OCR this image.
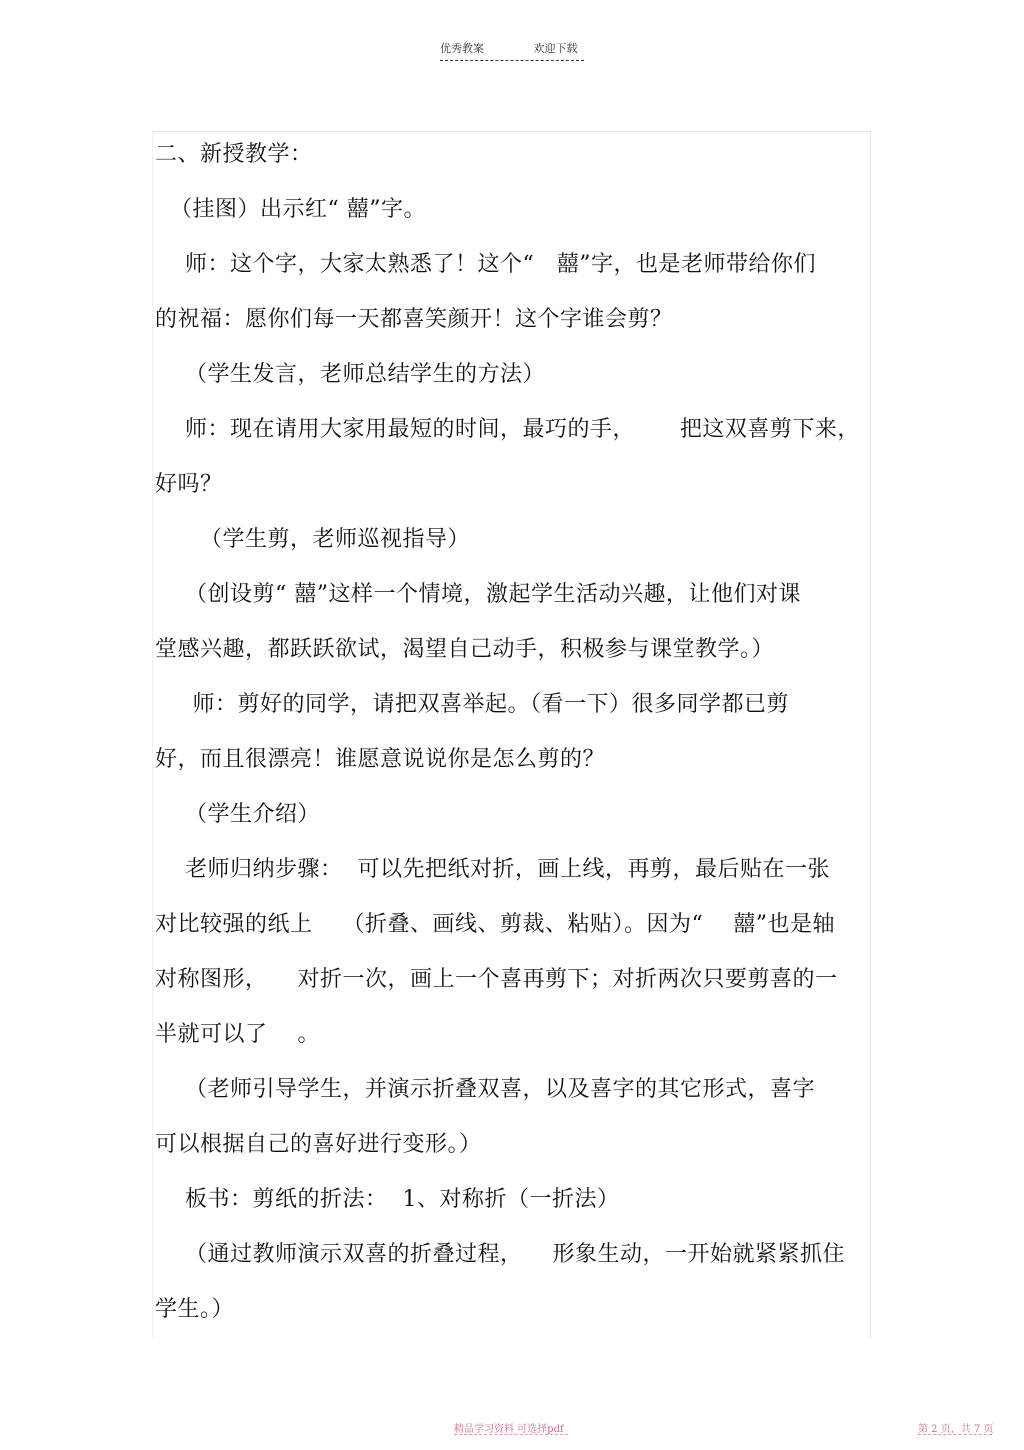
优秀教案	欢迎下载
二、新授教学：
（挂图）出示红“ 囍”字。
师：这个字，大家太熟悉了！这个“   囍”字，也是老师带给你们
的祝福：愿你们每一天都喜笑颜开！这个字谁会剪？
（学生发言，老师总结学生的方法）
师：现在请用大家用最短的时间，最巧的手，      把这双喜剪下来，
好吗？
（学生剪，老师巡视指导）
（创设剪“ 囍”这样一个情境，激起学生活动兴趣，让他们对课
堂感兴趣，都跃跃欲试，渴望自己动手，积极参与课堂教学。）
师：剪好的同学，请把双喜举起。（看一下）很多同学都已剪
好，而且很漂亮！谁愿意说说你是怎么剪的？
（学生介绍）
老师归纳步骤：  可以先把纸对折，画上线，再剪，最后贴在一张
对比较强的纸上    （折叠、画线、剪裁、粘贴）。因为“    囍”也是轴
对称图形，    对折一次，画上一个喜再剪下；对折两次只要剪喜的一
半就可以了    。
（老师引导学生，并演示折叠双喜，以及喜字的其它形式，喜字
可以根据自己的喜好进行变形。）
板书：剪纸的折法：  1、对称折（一折法）
（通过教师演示双喜的折叠过程，    形象生动，一开始就紧紧抓住
学生。）
精品学习资料 可选择pdf	第 2 页，共 7 页
